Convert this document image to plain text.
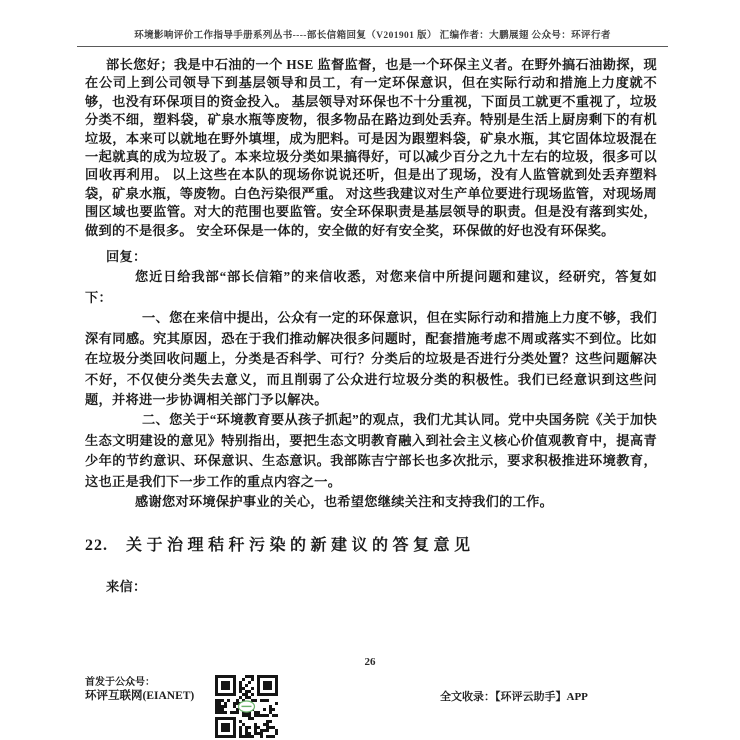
环境影响评价工作指导手册系列丛书----部长信箱回复（V201901 版） 汇编作者：大鹏展翅 公众号：环评行者

部长您好；我是中石油的一个 HSE 监督监督，也是一个环保主义者。在野外搞石油勘探，现在公司上到公司领导下到基层领导和员工，有一定环保意识，但在实际行动和措施上力度就不够，也没有环保项目的资金投入。 基层领导对环保也不十分重视，下面员工就更不重视了，垃圾分类不细，塑料袋，矿泉水瓶等废物，很多物品在路边到处丢弃。特别是生活上厨房剩下的有机垃圾，本来可以就地在野外填埋，成为肥料。可是因为跟塑料袋，矿泉水瓶，其它固体垃圾混在一起就真的成为垃圾了。本来垃圾分类如果搞得好，可以减少百分之九十左右的垃圾，很多可以回收再利用。 以上这些在本队的现场你说说还听，但是出了现场，没有人监管就到处丢弃塑料袋，矿泉水瓶，等废物。白色污染很严重。 对这些我建议对生产单位要进行现场监管，对现场周围区域也要监管。对大的范围也要监管。安全环保职责是基层领导的职责。但是没有落到实处，做到的不是很多。 安全环保是一体的，安全做的好有安全奖，环保做的好也没有环保奖。

回复：

您近日给我部“部长信箱”的来信收悉，对您来信中所提问题和建议，经研究，答复如下：

一、您在来信中提出，公众有一定的环保意识，但在实际行动和措施上力度不够，我们深有同感。究其原因，恐在于我们推动解决很多问题时，配套措施考虑不周或落实不到位。比如在垃圾分类回收问题上，分类是否科学、可行？分类后的垃圾是否进行分类处置？这些问题解决不好，不仅使分类失去意义，而且削弱了公众进行垃圾分类的积极性。我们已经意识到这些问题，并将进一步协调相关部门予以解决。

二、您关于“环境教育要从孩子抓起”的观点，我们尤其认同。党中央国务院《关于加快生态文明建设的意见》特别指出，要把生态文明教育融入到社会主义核心价值观教育中，提高青少年的节约意识、环保意识、生态意识。我部陈吉宁部长也多次批示，要求积极推进环境教育，这也正是我们下一步工作的重点内容之一。

感谢您对环境保护事业的关心，也希望您继续关注和支持我们的工作。

22. 关于治理秸秆污染的新建议的答复意见

来信：

26
首发于公众号：
环评互联网(EIANET)	全文收录：【环评云助手】APP
